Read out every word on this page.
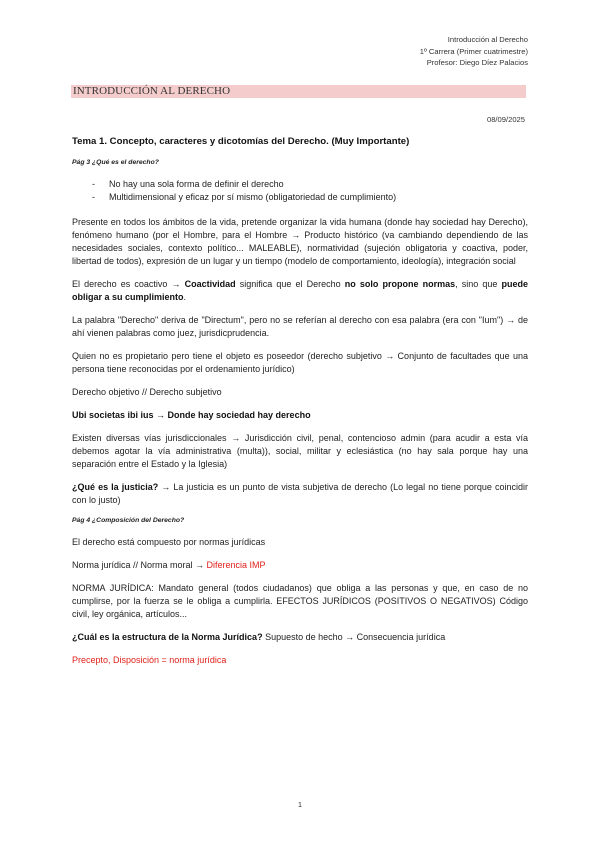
Introducción al Derecho
1º Carrera (Primer cuatrimestre)
Profesor: Diego Díez Palacios
INTRODUCCIÓN AL DERECHO
08/09/2025
Tema 1. Concepto, caracteres y dicotomías del Derecho. (Muy Importante)
Pág 3 ¿Qué es el derecho?
- No hay una sola forma de definir el derecho
- Multidimensional y eficaz por sí mismo (obligatoriedad de cumplimiento)

Presente en todos los ámbitos de la vida, pretende organizar la vida humana (donde hay sociedad hay Derecho), fenómeno humano (por el Hombre, para el Hombre → Producto histórico (va cambiando dependiendo de las necesidades sociales, contexto político... MALEABLE), normatividad (sujeción obligatoria y coactiva, poder, libertad de todos), expresión de un lugar y un tiempo (modelo de comportamiento, ideología), integración social

El derecho es coactivo → Coactividad significa que el Derecho no solo propone normas, sino que puede obligar a su cumplimiento.

La palabra "Derecho" deriva de "Directum", pero no se referían al derecho con esa palabra (era con "Ium") → de ahí vienen palabras como juez, jurisdicprudencia.

Quien no es propietario pero tiene el objeto es poseedor (derecho subjetivo → Conjunto de facultades que una persona tiene reconocidas por el ordenamiento jurídico)

Derecho objetivo // Derecho subjetivo

Ubi societas ibi ius → Donde hay sociedad hay derecho

Existen diversas vías jurisdiccionales → Jurisdicción civil, penal, contencioso admin (para acudir a esta vía debemos agotar la vía administrativa (multa)), social, militar y eclesiástica (no hay sala porque hay una separación entre el Estado y la Iglesia)

¿Qué es la justicia? → La justicia es un punto de vista subjetiva de derecho (Lo legal no tiene porque coincidir con lo justo)

Pág 4 ¿Composición del Derecho?

El derecho está compuesto por normas jurídicas

Norma jurídica // Norma moral → Diferencia IMP

NORMA JURÍDICA: Mandato general (todos ciudadanos) que obliga a las personas y que, en caso de no cumplirse, por la fuerza se le obliga a cumplirla. EFECTOS JURÍDICOS (POSITIVOS O NEGATIVOS) Código civil, ley orgánica, artículos...

¿Cuál es la estructura de la Norma Jurídica? Supuesto de hecho → Consecuencia jurídica

Precepto, Disposición = norma jurídica

1
